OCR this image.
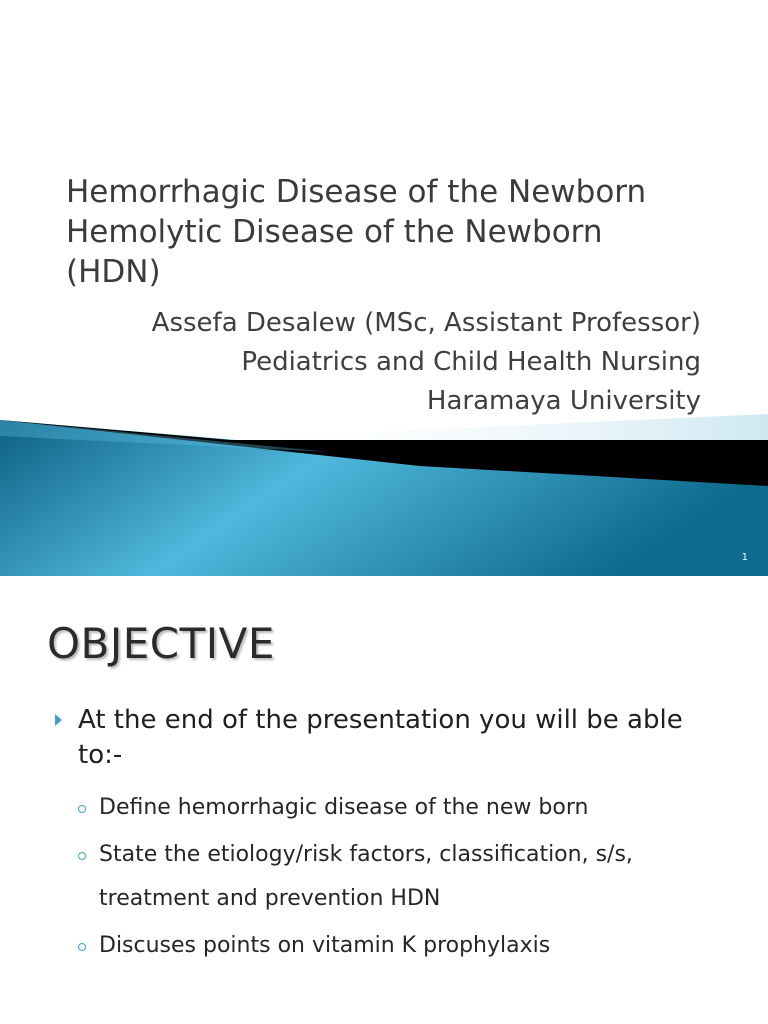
Hemorrhagic Disease of the Newborn
Hemolytic Disease of the Newborn
(HDN)
Assefa Desalew (MSc, Assistant Professor)
Pediatrics and Child Health Nursing
Haramaya University
1
OBJECTIVE
At the end of the presentation you will be able to:-
Define hemorrhagic disease of the new born
State the etiology/risk factors, classification, s/s, treatment and prevention HDN
Discuses points on vitamin K prophylaxis
